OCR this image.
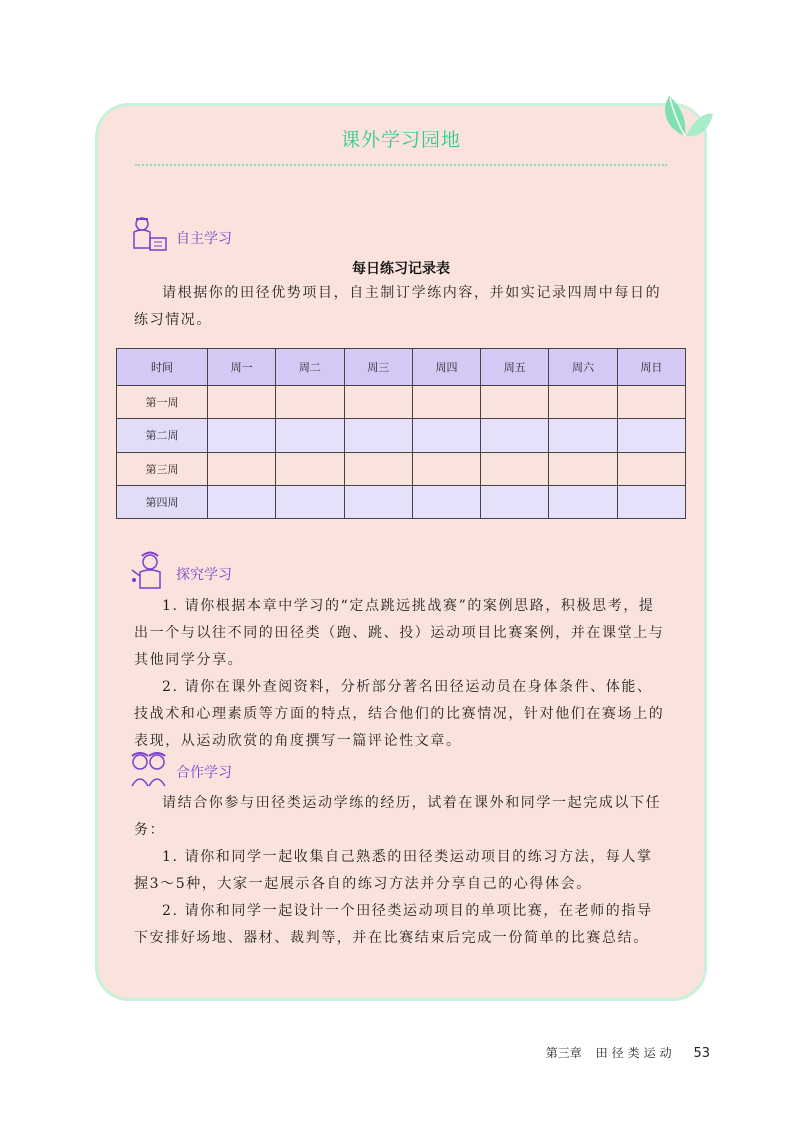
课外学习园地
自主学习
每日练习记录表

请根据你的田径优势项目，自主制订学练内容，并如实记录四周中每日的练习情况。

时间	周一	周二	周三	周四	周五	周六	周日
第一周							
第二周							
第三周							
第四周							
探究学习

1. 请你根据本章中学习的“定点跳远挑战赛”的案例思路，积极思考，提出一个与以往不同的田径类（跑、跳、投）运动项目比赛案例，并在课堂上与其他同学分享。

2. 请你在课外查阅资料，分析部分著名田径运动员在身体条件、体能、技战术和心理素质等方面的特点，结合他们的比赛情况，针对他们在赛场上的表现，从运动欣赏的角度撰写一篇评论性文章。

合作学习

请结合你参与田径类运动学练的经历，试着在课外和同学一起完成以下任务：

1. 请你和同学一起收集自己熟悉的田径类运动项目的练习方法，每人掌握3～5种，大家一起展示各自的练习方法并分享自己的心得体会。

2. 请你和同学一起设计一个田径类运动项目的单项比赛，在老师的指导下安排好场地、器材、裁判等，并在比赛结束后完成一份简单的比赛总结。

第三章 田径类运动 53
